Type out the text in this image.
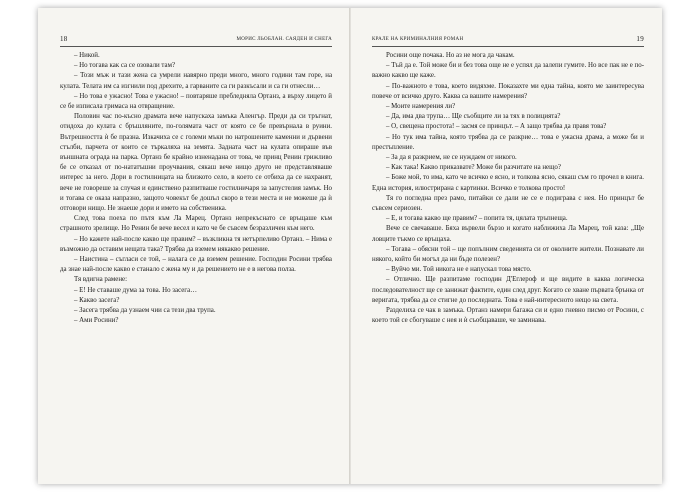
18	МОРИС ЛЬОБЛАН. САЯДЕН И СНЕГА

– Никой.

– Но тогава как са се озовали там?

– Този мъж и тази жена са умрели навярно преди много, много години там горе, на кулата. Телата им са изгнили под дрехите, а гарваните са ги разкъсали и са ги отнесли…

– Но това е ужасно! Това е ужасно! – повтаряше пребледняла Ортанз, а върху лицето й се бе изписала гримаса на отвращение.

Половин час по-късно драмата вече напускаха замъка Аленгър. Преди да си тръгнат, отидоха до кулата с бръшляните, по-голямата част от която се бе превърнала в руини. Вътрешността ѝ бе празна. Изкачиха се с големи мъки по натрошените каменни и дървени стълби, парчета от които се търкаляха на земята. Задната част на кулата опираше във външната ограда на парка. Ортанз бе крайно изненадана от това, че принц Ренин грижливо бе се отказал от по-нататъшни проучвания, сякаш вече нищо друго не представляваше интерес за него. Дори в гостилницата на близкото село, в което се отбиха да се нахранят, вече не говореше за случая и единствено разпитваше гостилничаря за запустелия замък. Но и тогава се оказа напразно, защото човекът бе дошъл скоро в тези места и не можеше да ѝ отговори нищо. Не знаеше дори и името на собственика.

След това поеха по пътя към Ла Марец. Ортанз непрекъснато се връщаше към страшното зрелище. Но Ренин бе вече весел и като че бе съвсем безразличен към него.

– Но кажете най-после какво ще правим? – възкликна тя нетърпеливо Ортанз. – Нима е възможно да оставим нещата така? Трябва да вземем някакво решение.

– Наистина – съгласи се той, – налага се да вземем решение. Господин Росини трябва да знае най-после какво е станало с жена му и да решението не е в негова полза.

Тя вдигна рамене:

– Е! Не ставаше дума за това. Но засега…

– Какво засега?

– Засега трябва да узнаем чии са тези два трупа.

– Ами Росини?

КРАЛЕ НА КРИМИНАЛНИЯ РОМАН	19

Росини още почака. Но аз не мога да чакам.

– Тъй да е. Той може би и без това още не е успял да залепи гумите. Но все пак не е по-важно какво ще каже.

– По-важното е това, което видяхме. Показахте ми една тайна, която ме заинтересува повече от всичко друго. Каква са вашите намерения?

– Моите намерения ли?

– Да, има два трупа… Ще съобщите ли за тях в полицията?

– О, свещена простота! – засмя се принцът. – А защо трябва да правя това?

– Но тук има тайна, която трябва да се разкрие… това е ужасна драма, а може би и престъпление.

– За да я разкрием, не се нуждаем от никого.

– Как така! Какво приказвате? Може би разчитате на нещо?

– Боже мой, то има, като че всичко е ясно, и толкова ясно, сякаш съм го прочел в книга. Една история, илюстрирана с картинки. Всичко е толкова просто!

Тя го погледна през рамо, питайки се дали не се е подиграва с нея. Но принцът бе съвсем сериозен.

– Е, и тогава какво ще правим? – попита тя, цялата тръпнеща.

Вече се свечаваше. Бяха вървели бързо и когато наближиха Ла Марец, той каза: „Ще ловците тъкмо се връщаха.

– Тогава – обясни той – ще попълним сведенията си от околните жители. Познавате ли някого, който би могъл да ни бъде полезен?

– Вуйчо ми. Той никога не е напускал това място.

– Отлично. Ще разпитаме господин Д'Еглероф и ще видите в каква логическа последователност ще се занижат фактите, един след друг. Когато се хване първата брънка от веригата, трябва да се стигне до последната. Това е най-интересното нещо на света.

Разделиха се чак в замъка. Ортанз намери багажа си и едно гневно писмо от Росини, с което той се сбогуваше с нея и ѝ съобщаваше, че заминава.
